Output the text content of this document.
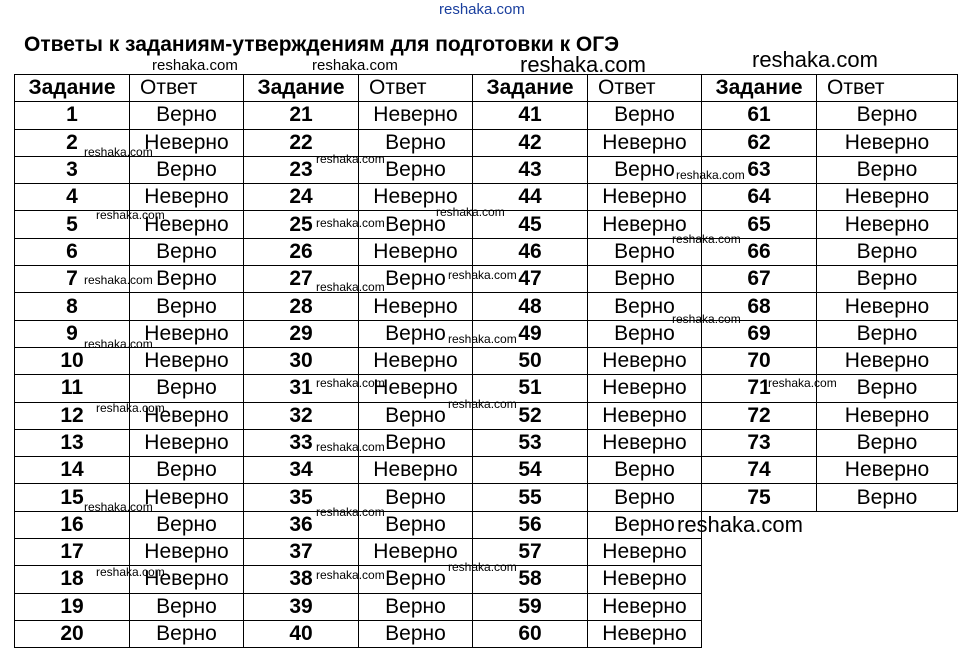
reshaka.com
Ответы к заданиям-утверждениям для подготовки к ОГЭ
Задание	Ответ	Задание	Ответ	Задание	Ответ	Задание	Ответ
1	Верно	21	Неверно	41	Верно	61	Верно
2	Неверно	22	Верно	42	Неверно	62	Неверно
3	Верно	23	Верно	43	Верно	63	Верно
4	Неверно	24	Неверно	44	Неверно	64	Неверно
5	Неверно	25	Верно	45	Неверно	65	Неверно
6	Верно	26	Неверно	46	Верно	66	Верно
7	Верно	27	Верно	47	Верно	67	Верно
8	Верно	28	Неверно	48	Верно	68	Неверно
9	Неверно	29	Верно	49	Верно	69	Верно
10	Неверно	30	Неверно	50	Неверно	70	Неверно
11	Верно	31	Неверно	51	Неверно	71	Верно
12	Неверно	32	Верно	52	Неверно	72	Неверно
13	Неверно	33	Верно	53	Неверно	73	Верно
14	Верно	34	Неверно	54	Верно	74	Неверно
15	Неверно	35	Верно	55	Верно	75	Верно
16	Верно	36	Верно	56	Верно		
17	Неверно	37	Неверно	57	Неверно		
18	Неверно	38	Верно	58	Неверно		
19	Верно	39	Верно	59	Неверно		
20	Верно	40	Верно	60	Неверно		
reshaka.com	reshaka.com
reshaka.com
reshaka.com	reshaka.com
reshaka.com
reshaka.com
reshaka.com
reshaka.com
reshaka.com
reshaka.com
reshaka.com
reshaka.com
reshaka.com
reshaka.com
reshaka.com
reshaka.com
reshaka.com
reshaka.com
reshaka.com
reshaka.com
reshaka.com
reshaka.com
reshaka.com
reshaka.com
reshaka.com
reshaka.com
reshaka.com
